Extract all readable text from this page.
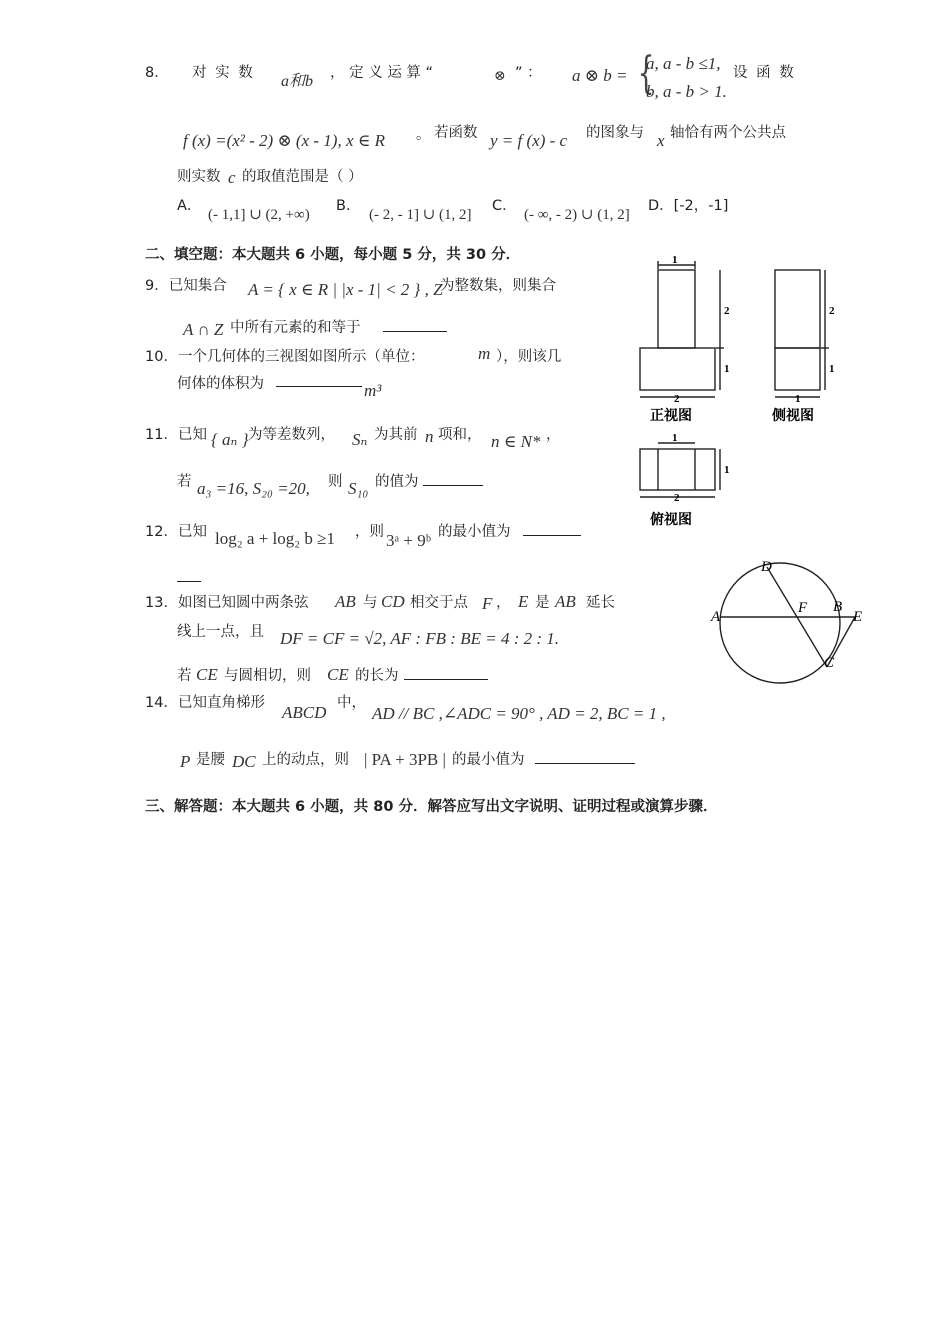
8． 对 实 数 a和b ， 定 义 运 算 “	⊗ ” ： a ⊗ b = {
a, a - b ≤1,
b, a - b > 1.
设 函 数
f (x) =(x² - 2) ⊗ (x - 1), x ∈ R 。 若函数 y = f (x) - c 的图象与 x 轴恰有两个公共点
则实数 c 的取值范围是（ ）
A．
(- 1,1] ∪ (2, +∞)
B．
(- 2, - 1] ∪ (1, 2]
C．
(- ∞, - 2) ∪ (1, 2]
D．[-2，-1]
二、填空题：本大题共 6 小题，每小题 5 分，共 30 分．
9．已知集合 A = { x ∈ R | |x - 1| < 2 } , Z
为整数集，则集合
A ∩ Z 中所有元素的和等于
10．一个几何体的三视图如图所示（单位：	m ），则该几
何体的体积为	m³
11．已知 { aₙ } 为等差数列， Sₙ 为其前 n 项和， n ∈ N* ，
若 a₃ =16, S₂₀ =20, 则 S₁₀ 的值为
12．已知 log₂ a + log₂ b ≥1 ，则 3ᵃ + 9ᵇ 的最小值为
13．如图已知圆中两条弦 AB 与 CD 相交于点 F ， E 是 AB 延长
线上一点，且 DF = CF = √2, AF : FB : BE = 4 : 2 : 1.
若 CE 与圆相切，则 CE 的长为
14．已知直角梯形 ABCD 中，
AD // BC ,∠ADC = 90° , AD = 2, BC = 1 ,
P 是腰 DC 上的动点，则 | PA + 3PB | 的最小值为
三、解答题：本大题共 6 小题，共 80 分．解答应写出文字说明、证明过程或演算步骤．
1
2
1
2
2
1
1
1
1
2
正视图	侧视图
俯视图
A
D
F B
E
C
